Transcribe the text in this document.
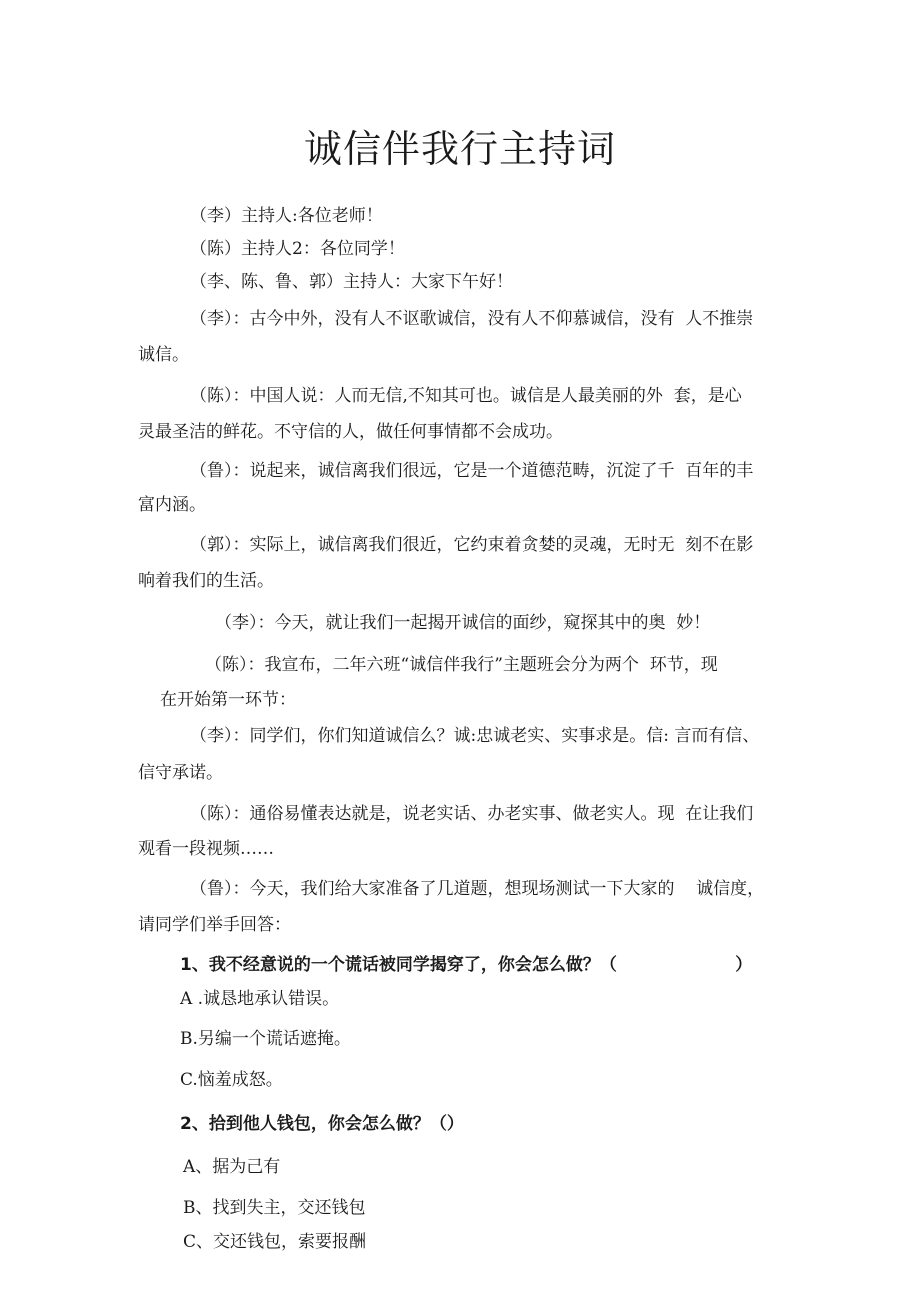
诚信伴我行主持词
（李）主持人:各位老师！
（陈）主持人2：各位同学！
（李、陈、鲁、郭）主持人：大家下午好！
（李）：古今中外，没有人不讴歌诚信，没有人不仰慕诚信，没有  人不推崇
诚信。
（陈）：中国人说：人而无信,不知其可也。诚信是人最美丽的外  套，是心
灵最圣洁的鲜花。不守信的人，做任何事情都不会成功。
（鲁）：说起来，诚信离我们很远，它是一个道德范畴，沉淀了千  百年的丰
富内涵。
（郭）：实际上，诚信离我们很近，它约束着贪婪的灵魂，无时无  刻不在影
响着我们的生活。
（李）：今天，就让我们一起揭开诚信的面纱，窥探其中的奥  妙！
（陈）：我宣布，二年六班“诚信伴我行”主题班会分为两个  环节，现
在开始第一环节：
（李）：同学们，你们知道诚信么？诚:忠诚老实、实事求是。信: 言而有信、
信守承诺。
（陈）：通俗易懂表达就是，说老实话、办老实事、做老实人。现  在让我们
观看一段视频……
（鲁）：今天，我们给大家准备了几道题，想现场测试一下大家的    诚信度，
请同学们举手回答：
1、我不经意说的一个谎话被同学揭穿了，你会怎么做？（                    ）
A .诚恳地承认错误。
B.另编一个谎话遮掩。
C.恼羞成怒。
2、拾到他人钱包，你会怎么做？（）
A、据为己有
B、找到失主，交还钱包
C、交还钱包，索要报酬
